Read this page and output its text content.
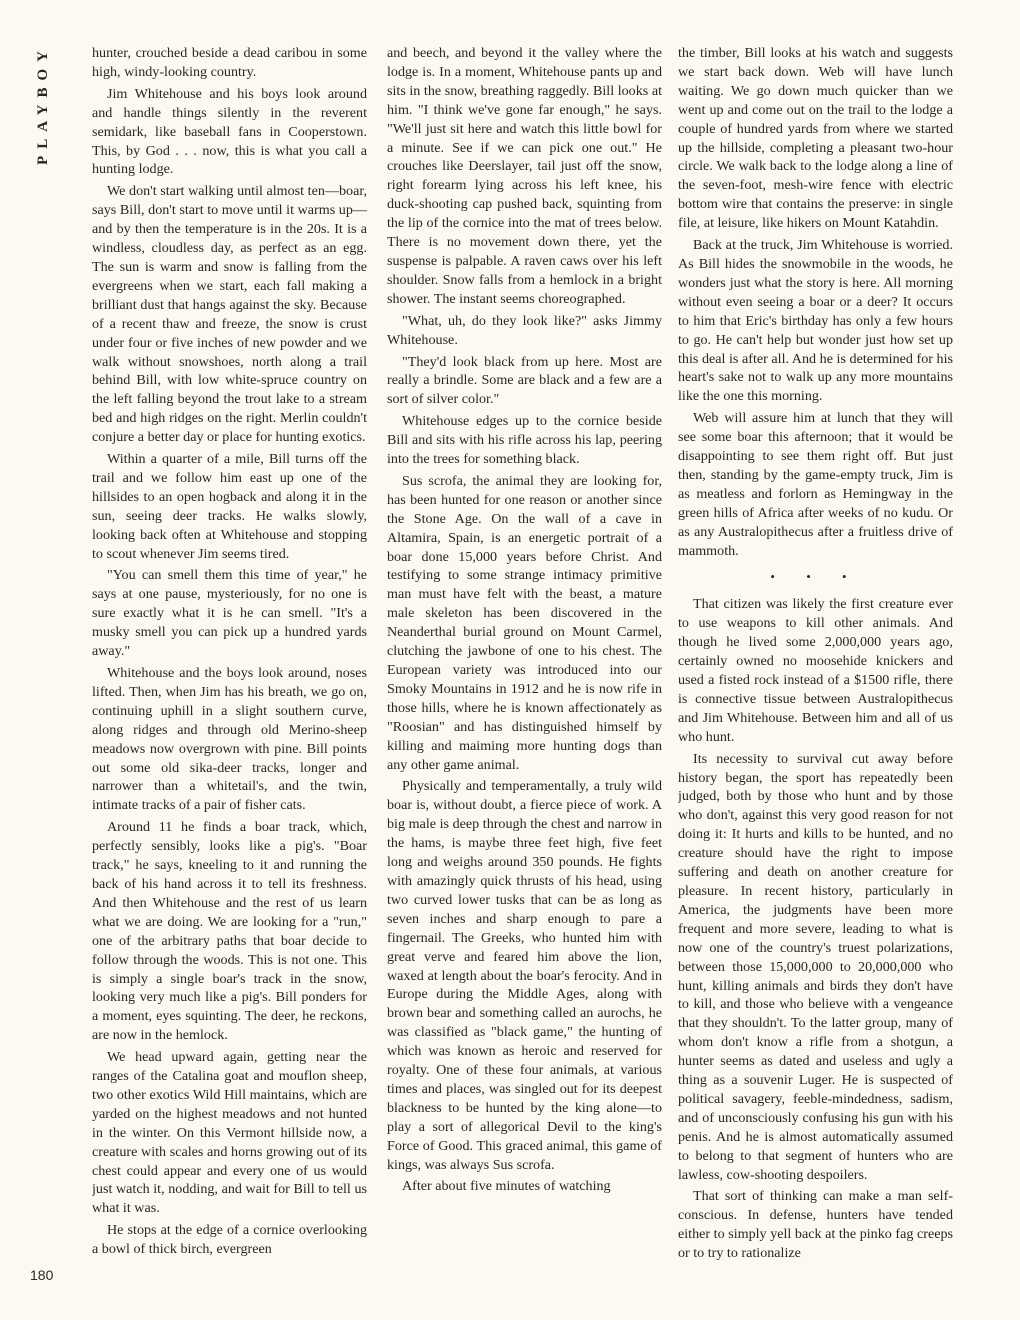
PLAYBOY	hunter, crouched beside a dead caribou in some high, windy-looking country.

Jim Whitehouse and his boys look around and handle things silently in the reverent semidark, like baseball fans in Cooperstown. This, by God . . . now, this is what you call a hunting lodge.

We don't start walking until almost ten—boar, says Bill, don't start to move until it warms up—and by then the temperature is in the 20s. It is a windless, cloudless day, as perfect as an egg. The sun is warm and snow is falling from the evergreens when we start, each fall making a brilliant dust that hangs against the sky. Because of a recent thaw and freeze, the snow is crust under four or five inches of new powder and we walk without snowshoes, north along a trail behind Bill, with low white-spruce country on the left falling beyond the trout lake to a stream bed and high ridges on the right. Merlin couldn't conjure a better day or place for hunting exotics.

Within a quarter of a mile, Bill turns off the trail and we follow him east up one of the hillsides to an open hogback and along it in the sun, seeing deer tracks. He walks slowly, looking back often at Whitehouse and stopping to scout whenever Jim seems tired.

"You can smell them this time of year," he says at one pause, mysteriously, for no one is sure exactly what it is he can smell. "It's a musky smell you can pick up a hundred yards away."

Whitehouse and the boys look around, noses lifted. Then, when Jim has his breath, we go on, continuing uphill in a slight southern curve, along ridges and through old Merino-sheep meadows now overgrown with pine. Bill points out some old sika-deer tracks, longer and narrower than a whitetail's, and the twin, intimate tracks of a pair of fisher cats.

Around 11 he finds a boar track, which, perfectly sensibly, looks like a pig's. "Boar track," he says, kneeling to it and running the back of his hand across it to tell its freshness. And then Whitehouse and the rest of us learn what we are doing. We are looking for a "run," one of the arbitrary paths that boar decide to follow through the woods. This is not one. This is simply a single boar's track in the snow, looking very much like a pig's. Bill ponders for a moment, eyes squinting. The deer, he reckons, are now in the hemlock.

We head upward again, getting near the ranges of the Catalina goat and mouflon sheep, two other exotics Wild Hill maintains, which are yarded on the highest meadows and not hunted in the winter. On this Vermont hillside now, a creature with scales and horns growing out of its chest could appear and every one of us would just watch it, nodding, and wait for Bill to tell us what it was.

He stops at the edge of a cornice overlooking a bowl of thick birch, evergreen

and beech, and beyond it the valley where the lodge is. In a moment, Whitehouse pants up and sits in the snow, breathing raggedly. Bill looks at him. "I think we've gone far enough," he says. "We'll just sit here and watch this little bowl for a minute. See if we can pick one out." He crouches like Deerslayer, tail just off the snow, right forearm lying across his left knee, his duck-shooting cap pushed back, squinting from the lip of the cornice into the mat of trees below. There is no movement down there, yet the suspense is palpable. A raven caws over his left shoulder. Snow falls from a hemlock in a bright shower. The instant seems choreographed.

"What, uh, do they look like?" asks Jimmy Whitehouse.

"They'd look black from up here. Most are really a brindle. Some are black and a few are a sort of silver color."

Whitehouse edges up to the cornice beside Bill and sits with his rifle across his lap, peering into the trees for something black.

Sus scrofa, the animal they are looking for, has been hunted for one reason or another since the Stone Age. On the wall of a cave in Altamira, Spain, is an energetic portrait of a boar done 15,000 years before Christ. And testifying to some strange intimacy primitive man must have felt with the beast, a mature male skeleton has been discovered in the Neanderthal burial ground on Mount Carmel, clutching the jawbone of one to his chest. The European variety was introduced into our Smoky Mountains in 1912 and he is now rife in those hills, where he is known affectionately as "Roosian" and has distinguished himself by killing and maiming more hunting dogs than any other game animal.

Physically and temperamentally, a truly wild boar is, without doubt, a fierce piece of work. A big male is deep through the chest and narrow in the hams, is maybe three feet high, five feet long and weighs around 350 pounds. He fights with amazingly quick thrusts of his head, using two curved lower tusks that can be as long as seven inches and sharp enough to pare a fingernail. The Greeks, who hunted him with great verve and feared him above the lion, waxed at length about the boar's ferocity. And in Europe during the Middle Ages, along with brown bear and something called an aurochs, he was classified as "black game," the hunting of which was known as heroic and reserved for royalty. One of these four animals, at various times and places, was singled out for its deepest blackness to be hunted by the king alone—to play a sort of allegorical Devil to the king's Force of Good. This graced animal, this game of kings, was always Sus scrofa.

After about five minutes of watching

the timber, Bill looks at his watch and suggests we start back down. Web will have lunch waiting. We go down much quicker than we went up and come out on the trail to the lodge a couple of hundred yards from where we started up the hillside, completing a pleasant two-hour circle. We walk back to the lodge along a line of the seven-foot, mesh-wire fence with electric bottom wire that contains the preserve: in single file, at leisure, like hikers on Mount Katahdin.

Back at the truck, Jim Whitehouse is worried. As Bill hides the snowmobile in the woods, he wonders just what the story is here. All morning without even seeing a boar or a deer? It occurs to him that Eric's birthday has only a few hours to go. He can't help but wonder just how set up this deal is after all. And he is determined for his heart's sake not to walk up any more mountains like the one this morning.

Web will assure him at lunch that they will see some boar this afternoon; that it would be disappointing to see them right off. But just then, standing by the game-empty truck, Jim is as meatless and forlorn as Hemingway in the green hills of Africa after weeks of no kudu. Or as any Australopithecus after a fruitless drive of mammoth.

• • •

That citizen was likely the first creature ever to use weapons to kill other animals. And though he lived some 2,000,000 years ago, certainly owned no moosehide knickers and used a fisted rock instead of a $1500 rifle, there is connective tissue between Australopithecus and Jim Whitehouse. Between him and all of us who hunt.

Its necessity to survival cut away before history began, the sport has repeatedly been judged, both by those who hunt and by those who don't, against this very good reason for not doing it: It hurts and kills to be hunted, and no creature should have the right to impose suffering and death on another creature for pleasure. In recent history, particularly in America, the judgments have been more frequent and more severe, leading to what is now one of the country's truest polarizations, between those 15,000,000 to 20,000,000 who hunt, killing animals and birds they don't have to kill, and those who believe with a vengeance that they shouldn't. To the latter group, many of whom don't know a rifle from a shotgun, a hunter seems as dated and useless and ugly a thing as a souvenir Luger. He is suspected of political savagery, feeble-mindedness, sadism, and of unconsciously confusing his gun with his penis. And he is almost automatically assumed to belong to that segment of hunters who are lawless, cow-shooting despoilers.

That sort of thinking can make a man self-conscious. In defense, hunters have tended either to simply yell back at the pinko fag creeps or to try to rationalize

180
